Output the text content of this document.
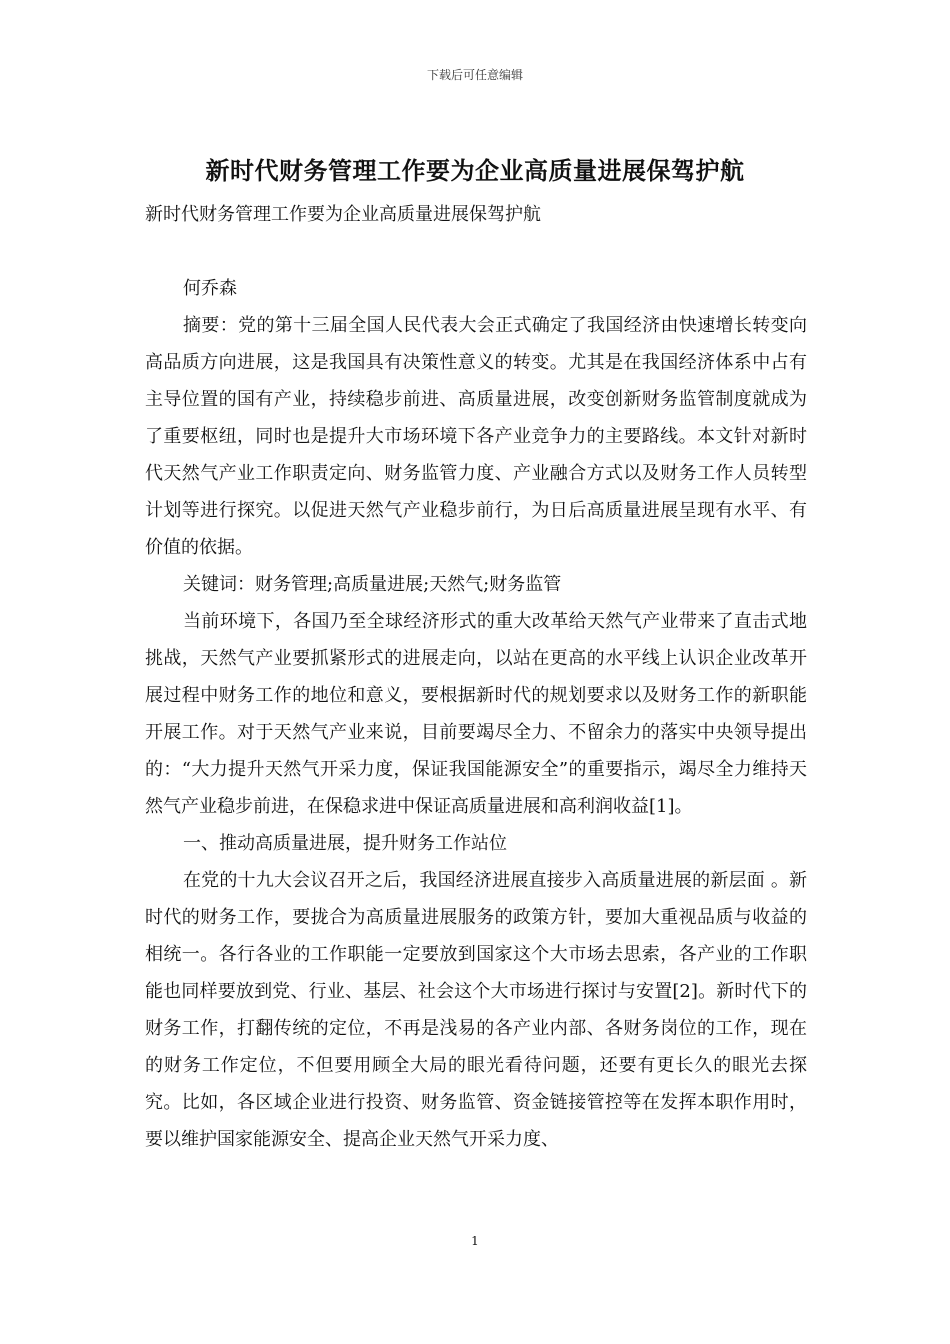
下载后可任意编辑
新时代财务管理工作要为企业高质量进展保驾护航

新时代财务管理工作要为企业高质量进展保驾护航

何乔森

摘要：党的第十三届全国人民代表大会正式确定了我国经济由快速增长转变向高品质方向进展，这是我国具有决策性意义的转变。尤其是在我国经济体系中占有主导位置的国有产业，持续稳步前进、高质量进展，改变创新财务监管制度就成为了重要枢纽，同时也是提升大市场环境下各产业竞争力的主要路线。本文针对新时代天然气产业工作职责定向、财务监管力度、产业融合方式以及财务工作人员转型计划等进行探究。以促进天然气产业稳步前行，为日后高质量进展呈现有水平、有价值的依据。

关键词：财务管理;高质量进展;天然气;财务监管

当前环境下，各国乃至全球经济形式的重大改革给天然气产业带来了直击式地挑战，天然气产业要抓紧形式的进展走向，以站在更高的水平线上认识企业改革开展过程中财务工作的地位和意义，要根据新时代的规划要求以及财务工作的新职能开展工作。对于天然气产业来说，目前要竭尽全力、不留余力的落实中央领导提出的：“大力提升天然气开采力度，保证我国能源安全”的重要指示，竭尽全力维持天然气产业稳步前进，在保稳求进中保证高质量进展和高利润收益[1]。

一、推动高质量进展，提升财务工作站位

在党的十九大会议召开之后，我国经济进展直接步入高质量进展的新层面 。新时代的财务工作，要拢合为高质量进展服务的政策方针，要加大重视品质与收益的相统一。各行各业的工作职能一定要放到国家这个大市场去思索，各产业的工作职能也同样要放到党、行业、基层、社会这个大市场进行探讨与安置[2]。新时代下的财务工作，打翻传统的定位，不再是浅易的各产业内部、各财务岗位的工作，现在的财务工作定位，不但要用顾全大局的眼光看待问题，还要有更长久的眼光去探究。比如，各区域企业进行投资、财务监管、资金链接管控等在发挥本职作用时，要以维护国家能源安全、提高企业天然气开采力度、

1
